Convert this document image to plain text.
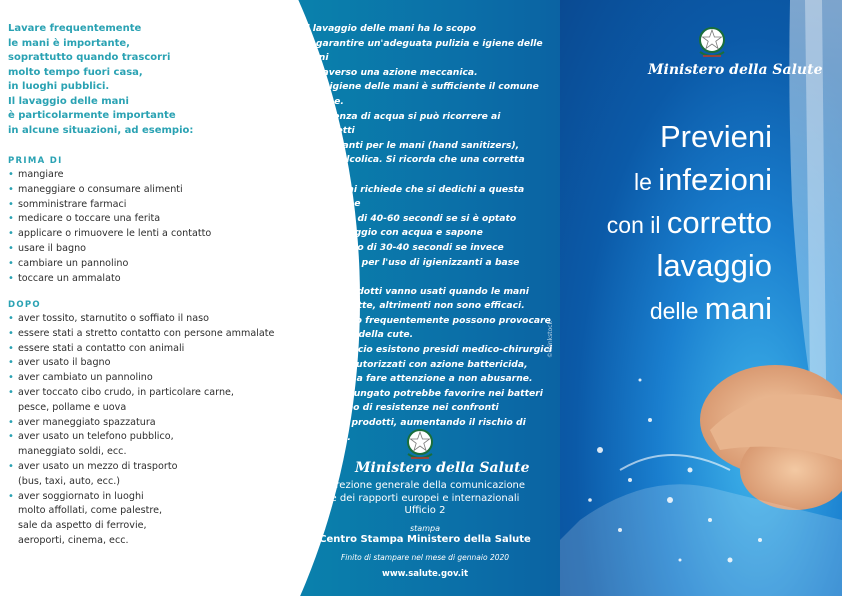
Lavare frequentemente
le mani è importante,
soprattutto quando trascorri
molto tempo fuori casa,
in luoghi pubblici.
Il lavaggio delle mani
è particolarmente importante
in alcune situazioni, ad esempio:
PRIMA DI
• mangiare
• maneggiare o consumare alimenti
• somministrare farmaci
• medicare o toccare una ferita
• applicare o rimuovere le lenti a contatto
• usare il bagno
• cambiare un pannolino
• toccare un ammalato
DOPO
• aver tossito, starnutito o soffiato il naso
• essere stati a stretto contatto con persone ammalate
• essere stati a contatto con animali
• aver usato il bagno
• aver cambiato un pannolino
• aver toccato cibo crudo, in particolare carne,
pesce, pollame e uova
• aver maneggiato spazzatura
• aver usato un telefono pubblico,
maneggiato soldi, ecc.
• aver usato un mezzo di trasporto
(bus, taxi, auto, ecc.)
• aver soggiornato in luoghi
molto affollati, come palestre,
sale da aspetto di ferrovie,
aeroporti, cinema, ecc.
Il lavaggio delle mani ha lo scopo
di garantire un'adeguata pulizia e igiene delle mani
attraverso una azione meccanica.
Per l'igiene delle mani è sufficiente il comune sapone.
In assenza di acqua si può ricorrere ai cosiddetti
igienizzanti per le mani (hand sanitizers),
a base alcolica. Si ricorda che una corretta igiene
delle mani richiede che si dedichi a questa operazione
non meno di 40-60 secondi se si è optato
per il lavaggio con acqua e sapone
e non meno di 30-40 secondi se invece
si è optato per l'uso di igienizzanti a base alcolica.
Questi prodotti vanno usati quando le mani
sono asciutte, altrimenti non sono efficaci.
Se si usano frequentemente possono provocare
secchezza della cute.
In commercio esistono presidi medico-chirurgici
e biocidi autorizzati con azione battericida,
ma bisogna fare attenzione a non abusarne.
L'uso prolungato potrebbe favorire nei batteri
lo sviluppo di resistenze nei confronti
di questi prodotti, aumentando il rischio di infezioni.
Ministero della Salute
Direzione generale della comunicazione
e dei rapporti europei e internazionali
Ufficio 2
stampa
Centro Stampa Ministero della Salute
Finito di stampare nel mese di gennaio 2020
www.salute.gov.it
Ministero della Salute
Previeni
le infezioni
con il corretto
lavaggio
delle mani
©thinkstock
